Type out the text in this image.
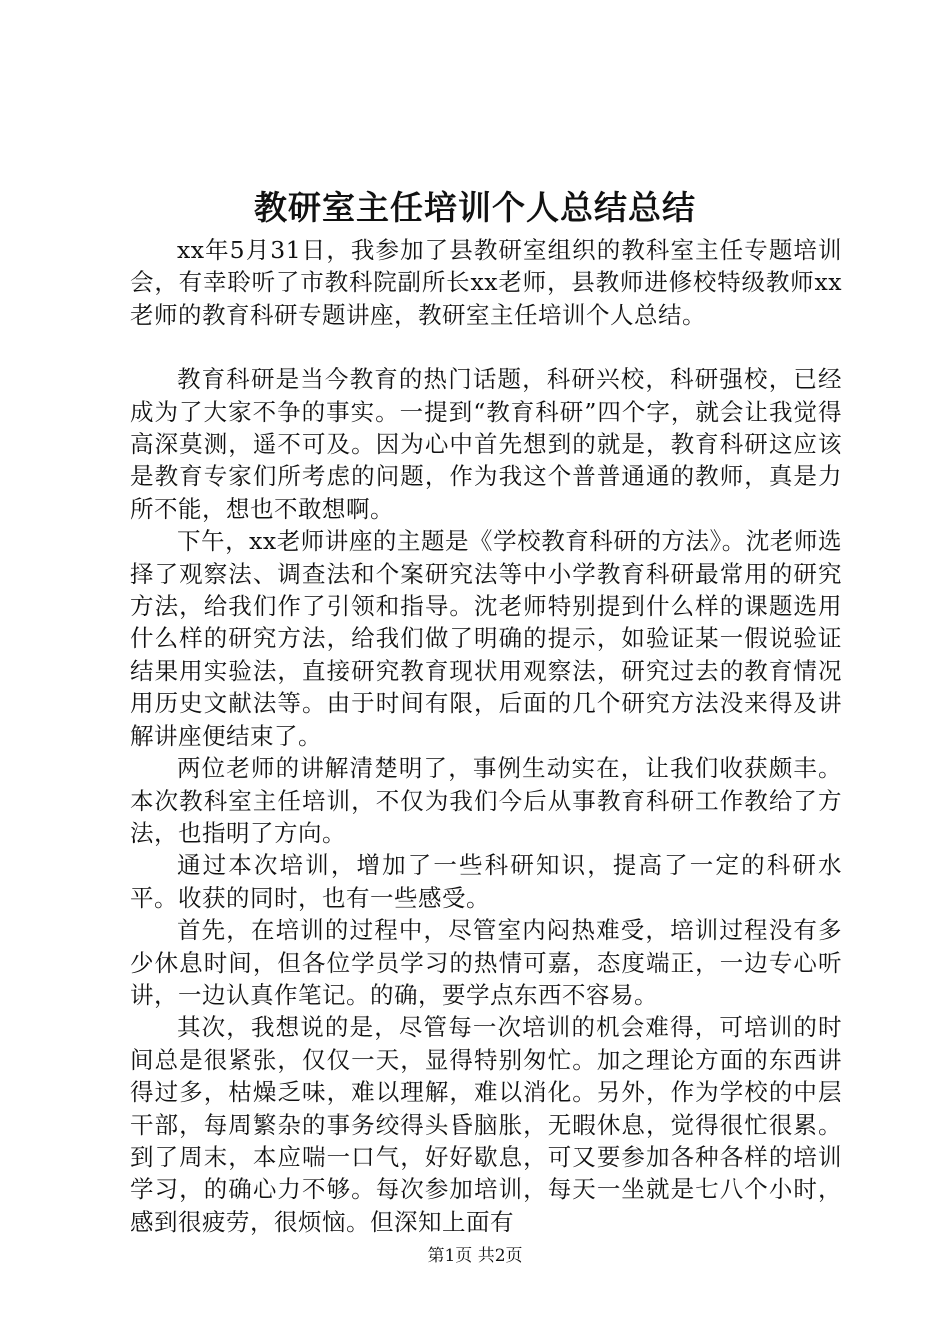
教研室主任培训个人总结总结

xx年5月31日，我参加了县教研室组织的教科室主任专题培训会，有幸聆听了市教科院副所长xx老师，县教师进修校特级教师xx老师的教育科研专题讲座，教研室主任培训个人总结。

教育科研是当今教育的热门话题，科研兴校，科研强校，已经成为了大家不争的事实。一提到“教育科研”四个字，就会让我觉得高深莫测，遥不可及。因为心中首先想到的就是，教育科研这应该是教育专家们所考虑的问题，作为我这个普普通通的教师，真是力所不能，想也不敢想啊。

下午，xx老师讲座的主题是《学校教育科研的方法》。沈老师选择了观察法、调查法和个案研究法等中小学教育科研最常用的研究方法，给我们作了引领和指导。沈老师特别提到什么样的课题选用什么样的研究方法，给我们做了明确的提示，如验证某一假说验证结果用实验法，直接研究教育现状用观察法，研究过去的教育情况用历史文献法等。由于时间有限，后面的几个研究方法没来得及讲解讲座便结束了。

两位老师的讲解清楚明了，事例生动实在，让我们收获颇丰。本次教科室主任培训，不仅为我们今后从事教育科研工作教给了方法，也指明了方向。

通过本次培训，增加了一些科研知识，提高了一定的科研水平。收获的同时，也有一些感受。

首先，在培训的过程中，尽管室内闷热难受，培训过程没有多少休息时间，但各位学员学习的热情可嘉，态度端正，一边专心听讲，一边认真作笔记。的确，要学点东西不容易。

其次，我想说的是，尽管每一次培训的机会难得，可培训的时间总是很紧张，仅仅一天，显得特别匆忙。加之理论方面的东西讲得过多，枯燥乏味，难以理解，难以消化。另外，作为学校的中层干部，每周繁杂的事务绞得头昏脑胀，无暇休息，觉得很忙很累。到了周末，本应喘一口气，好好歇息，可又要参加各种各样的培训学习，的确心力不够。每次参加培训，每天一坐就是七八个小时，感到很疲劳，很烦恼。但深知上面有

第1页 共2页
